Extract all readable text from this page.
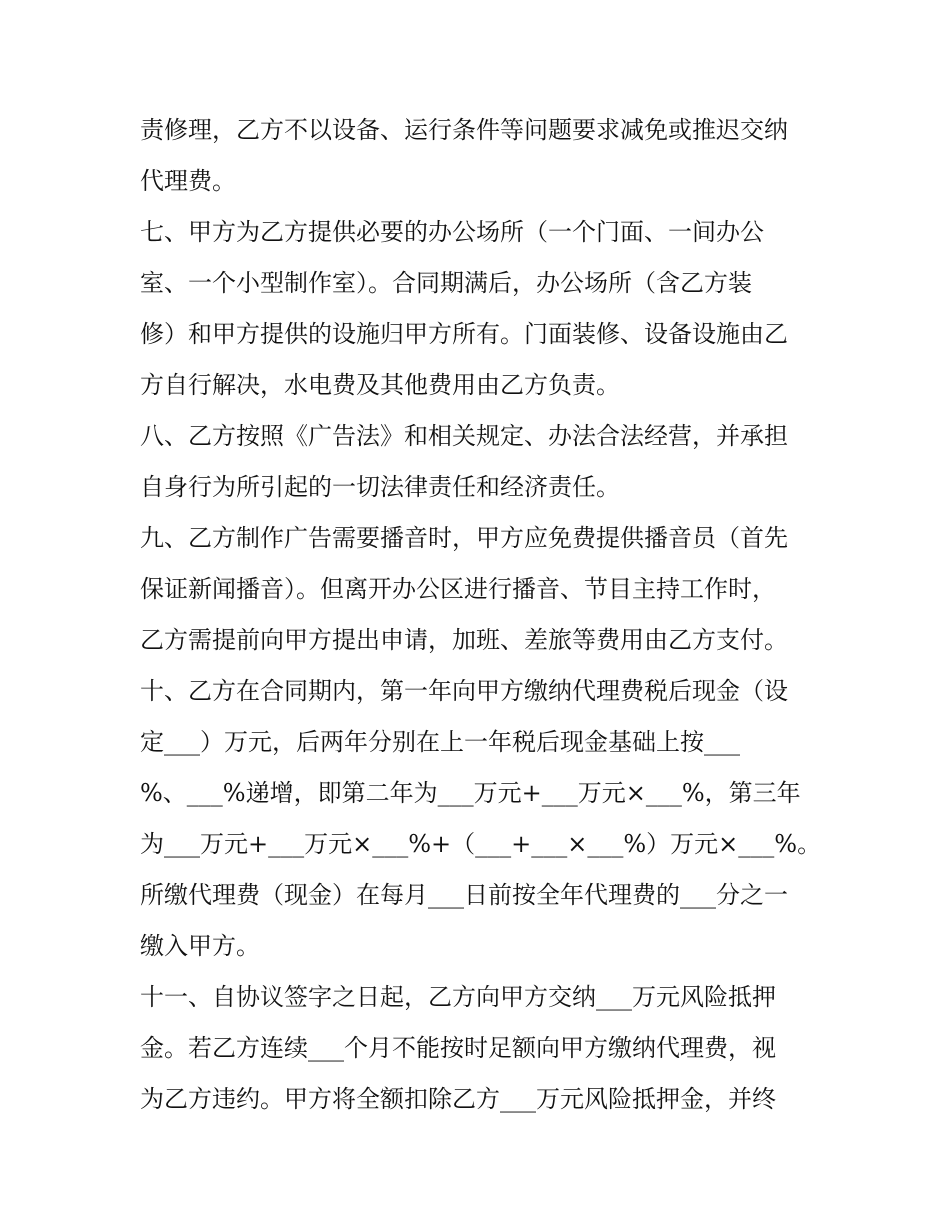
责修理，乙方不以设备、运行条件等问题要求减免或推迟交纳
代理费。
七、甲方为乙方提供必要的办公场所（一个门面、一间办公
室、一个小型制作室）。合同期满后，办公场所（含乙方装
修）和甲方提供的设施归甲方所有。门面装修、设备设施由乙
方自行解决，水电费及其他费用由乙方负责。
八、乙方按照《广告法》和相关规定、办法合法经营，并承担
自身行为所引起的一切法律责任和经济责任。
九、乙方制作广告需要播音时，甲方应免费提供播音员（首先
保证新闻播音）。但离开办公区进行播音、节目主持工作时，
乙方需提前向甲方提出申请，加班、差旅等费用由乙方支付。
十、乙方在合同期内，第一年向甲方缴纳代理费税后现金（设
定___）万元，后两年分别在上一年税后现金基础上按___
%、___%递增，即第二年为___万元+___万元×___%，第三年
为___万元+___万元×___%+（___+___×___%）万元×___%。
所缴代理费（现金）在每月___日前按全年代理费的___分之一
缴入甲方。
十一、自协议签字之日起，乙方向甲方交纳___万元风险抵押
金。若乙方连续___个月不能按时足额向甲方缴纳代理费，视
为乙方违约。甲方将全额扣除乙方___万元风险抵押金，并终
